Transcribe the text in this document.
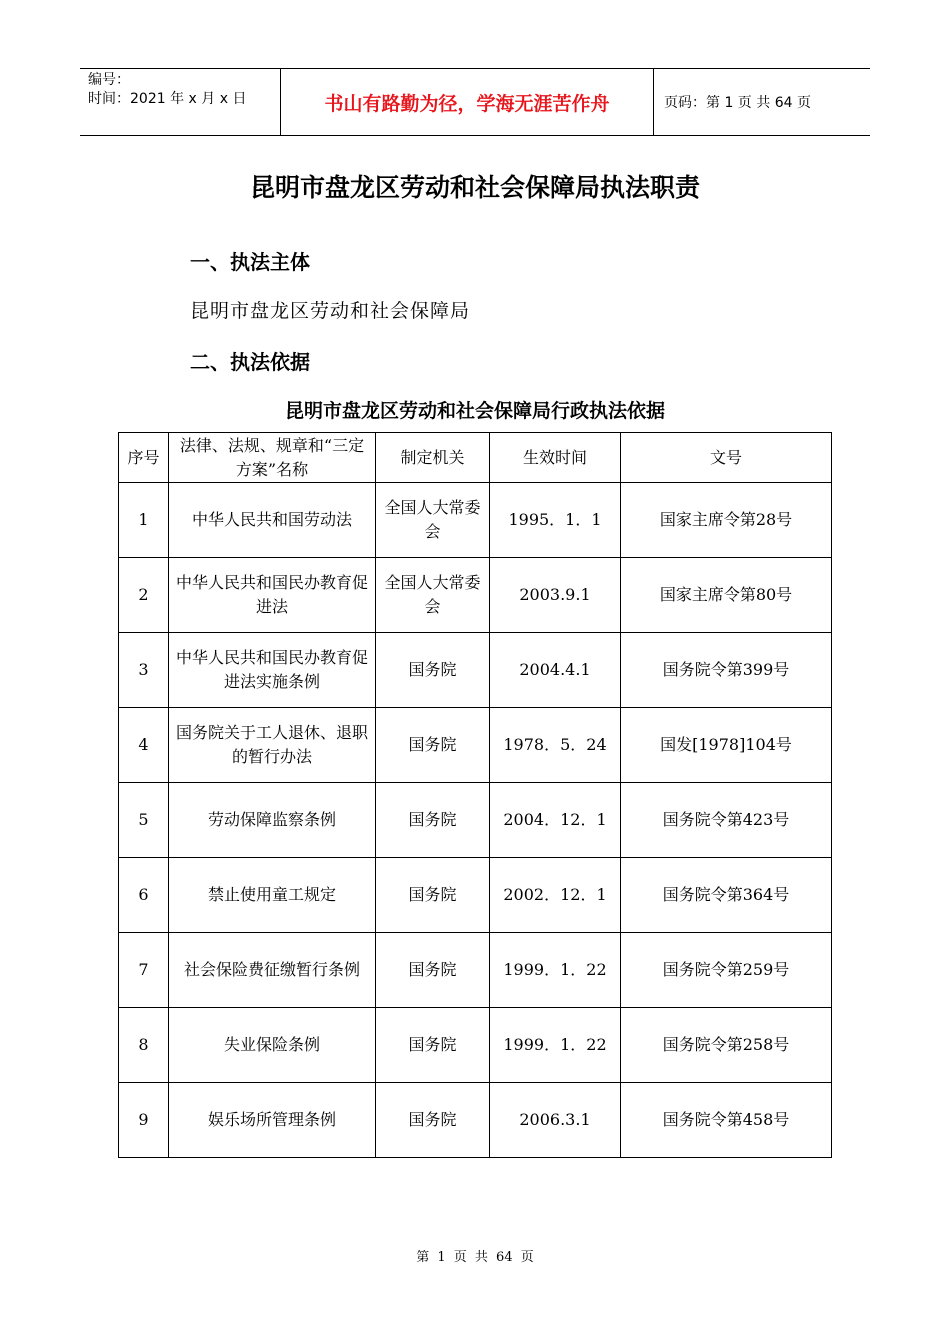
编号：
时间：2021 年 x 月 x 日	书山有路勤为径，学海无涯苦作舟	页码：第 1 页 共 64 页
昆明市盘龙区劳动和社会保障局执法职责
一、执法主体
昆明市盘龙区劳动和社会保障局
二、执法依据
昆明市盘龙区劳动和社会保障局行政执法依据
序号	法律、法规、规章和“三定方案”名称	制定机关	生效时间	文号
1	中华人民共和国劳动法	全国人大常委会	1995．1．1	国家主席令第28号
2	中华人民共和国民办教育促进法	全国人大常委会	2003.9.1	国家主席令第80号
3	中华人民共和国民办教育促进法实施条例	国务院	2004.4.1	国务院令第399号
4	国务院关于工人退休、退职的暂行办法	国务院	1978．5．24	国发[1978]104号
5	劳动保障监察条例	国务院	2004．12．1	国务院令第423号
6	禁止使用童工规定	国务院	2002．12．1	国务院令第364号
7	社会保险费征缴暂行条例	国务院	1999．1．22	国务院令第259号
8	失业保险条例	国务院	1999．1．22	国务院令第258号
9	娱乐场所管理条例	国务院	2006.3.1	国务院令第458号
第 1 页 共 64 页
